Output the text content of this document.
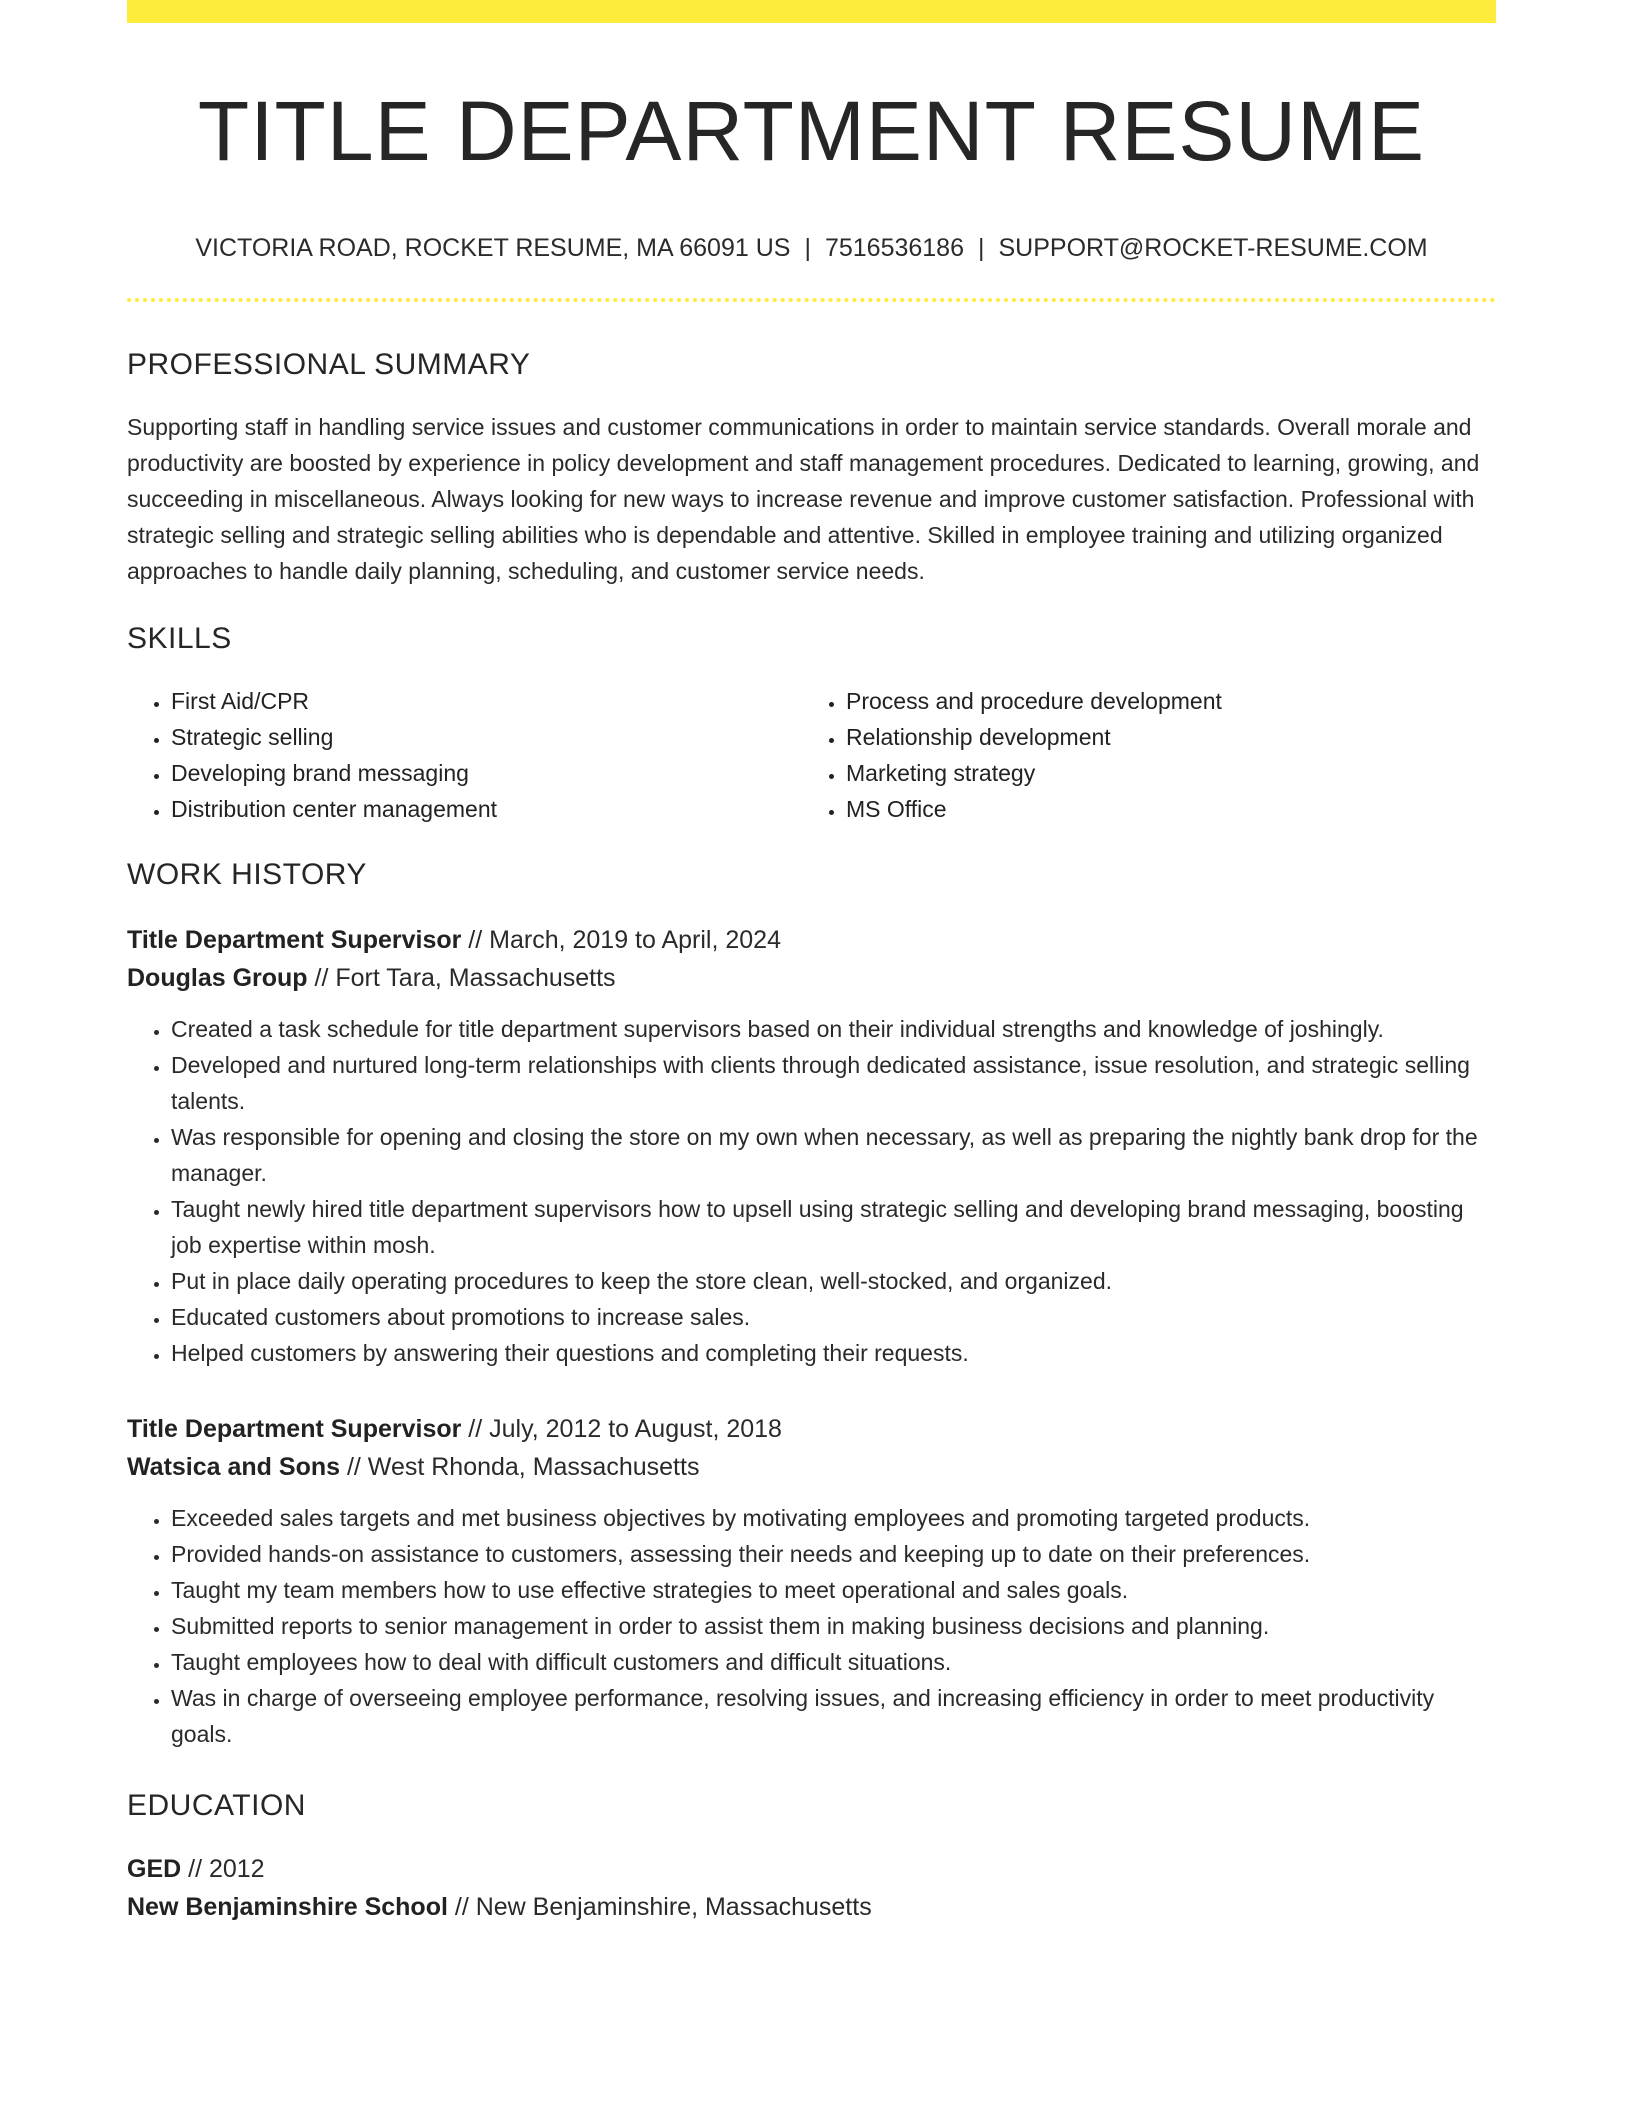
TITLE DEPARTMENT RESUME
VICTORIA ROAD, ROCKET RESUME, MA 66091 US | 7516536186 | SUPPORT@ROCKET-RESUME.COM
PROFESSIONAL SUMMARY

Supporting staff in handling service issues and customer communications in order to maintain service standards. Overall morale and productivity are boosted by experience in policy development and staff management procedures. Dedicated to learning, growing, and succeeding in miscellaneous. Always looking for new ways to increase revenue and improve customer satisfaction. Professional with strategic selling and strategic selling abilities who is dependable and attentive. Skilled in employee training and utilizing organized approaches to handle daily planning, scheduling, and customer service needs.

SKILLS
• First Aid/CPR
• Strategic selling
• Developing brand messaging
• Distribution center management
• Process and procedure development
• Relationship development
• Marketing strategy
• MS Office
WORK HISTORY
Title Department Supervisor // March, 2019 to April, 2024
Douglas Group // Fort Tara, Massachusetts
• Created a task schedule for title department supervisors based on their individual strengths and knowledge of joshingly.
• Developed and nurtured long-term relationships with clients through dedicated assistance, issue resolution, and strategic selling talents.
• Was responsible for opening and closing the store on my own when necessary, as well as preparing the nightly bank drop for the manager.
• Taught newly hired title department supervisors how to upsell using strategic selling and developing brand messaging, boosting job expertise within mosh.
• Put in place daily operating procedures to keep the store clean, well-stocked, and organized.
• Educated customers about promotions to increase sales.
• Helped customers by answering their questions and completing their requests.
Title Department Supervisor // July, 2012 to August, 2018
Watsica and Sons // West Rhonda, Massachusetts
• Exceeded sales targets and met business objectives by motivating employees and promoting targeted products.
• Provided hands-on assistance to customers, assessing their needs and keeping up to date on their preferences.
• Taught my team members how to use effective strategies to meet operational and sales goals.
• Submitted reports to senior management in order to assist them in making business decisions and planning.
• Taught employees how to deal with difficult customers and difficult situations.
• Was in charge of overseeing employee performance, resolving issues, and increasing efficiency in order to meet productivity goals.
EDUCATION
GED // 2012
New Benjaminshire School // New Benjaminshire, Massachusetts
